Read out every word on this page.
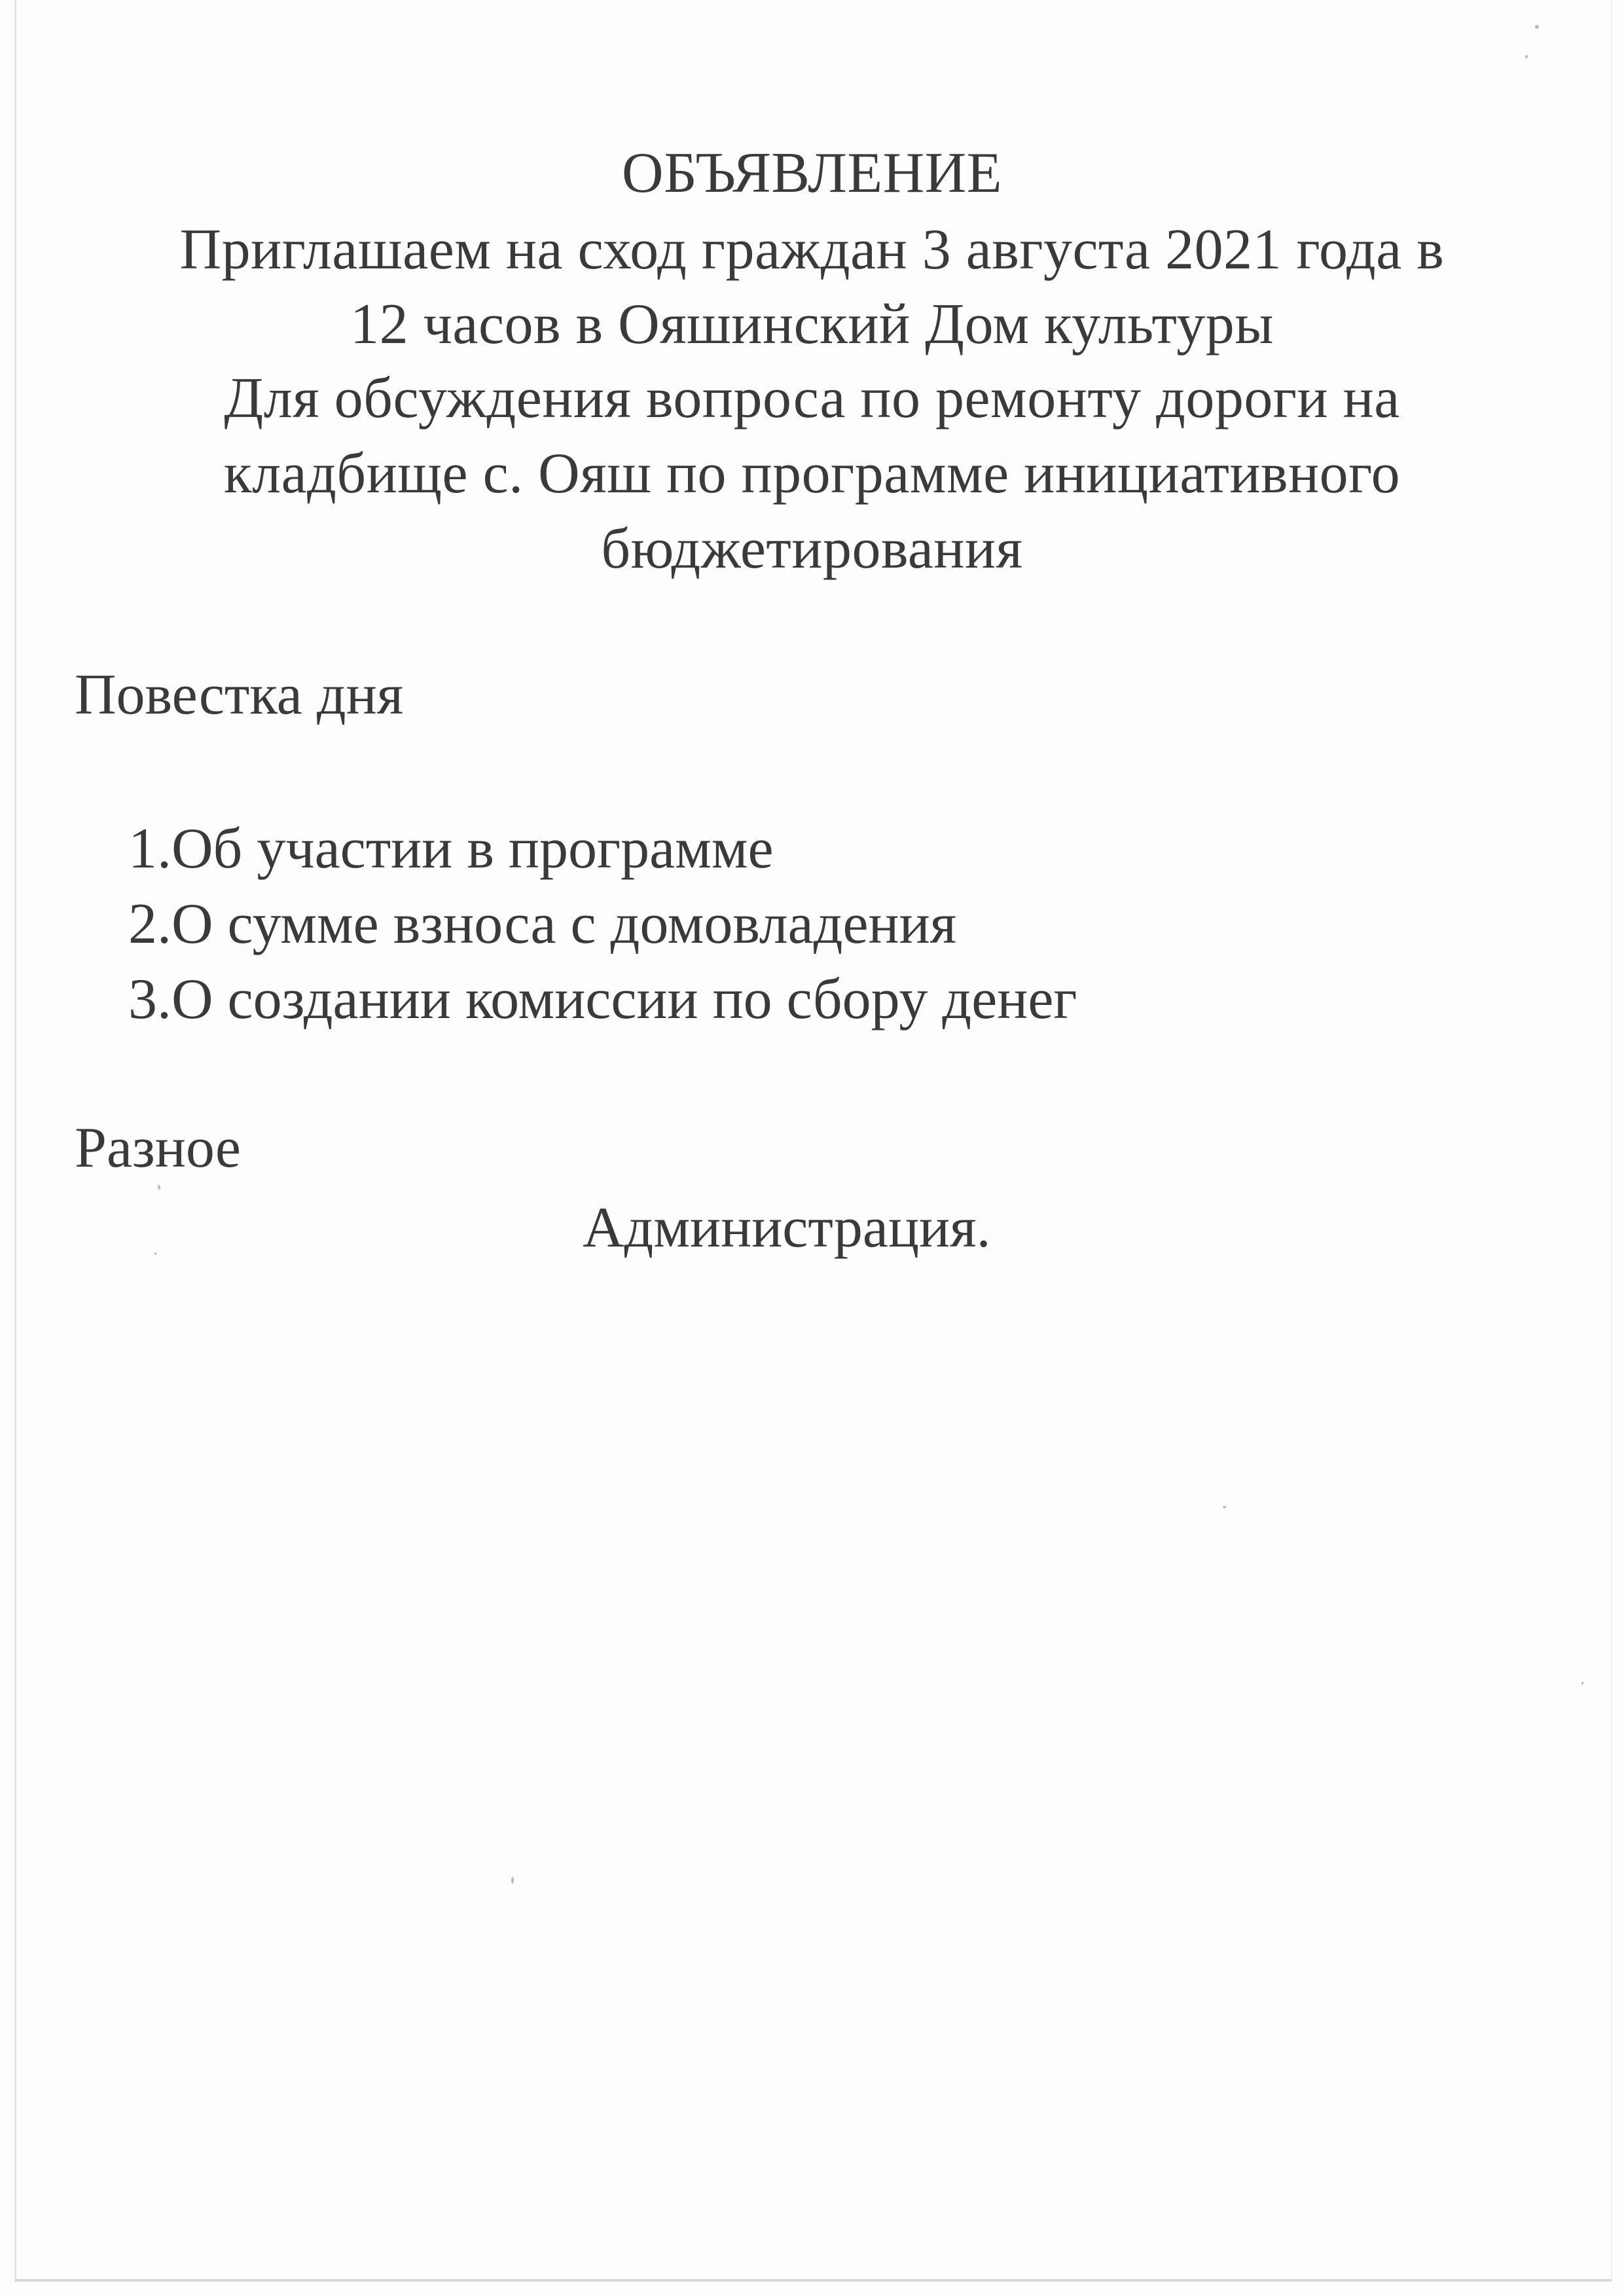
ОБЪЯВЛЕНИЕ
Приглашаем на сход граждан 3 августа 2021 года в
12 часов в Ояшинский Дом культуры
Для обсуждения вопроса по ремонту дороги на
кладбище с. Ояш по программе инициативного
бюджетирования
Повестка дня
1.Об участии в программе
2.О сумме взноса с домовладения
3.О создании комиссии по сбору денег
Разное
Администрация.
